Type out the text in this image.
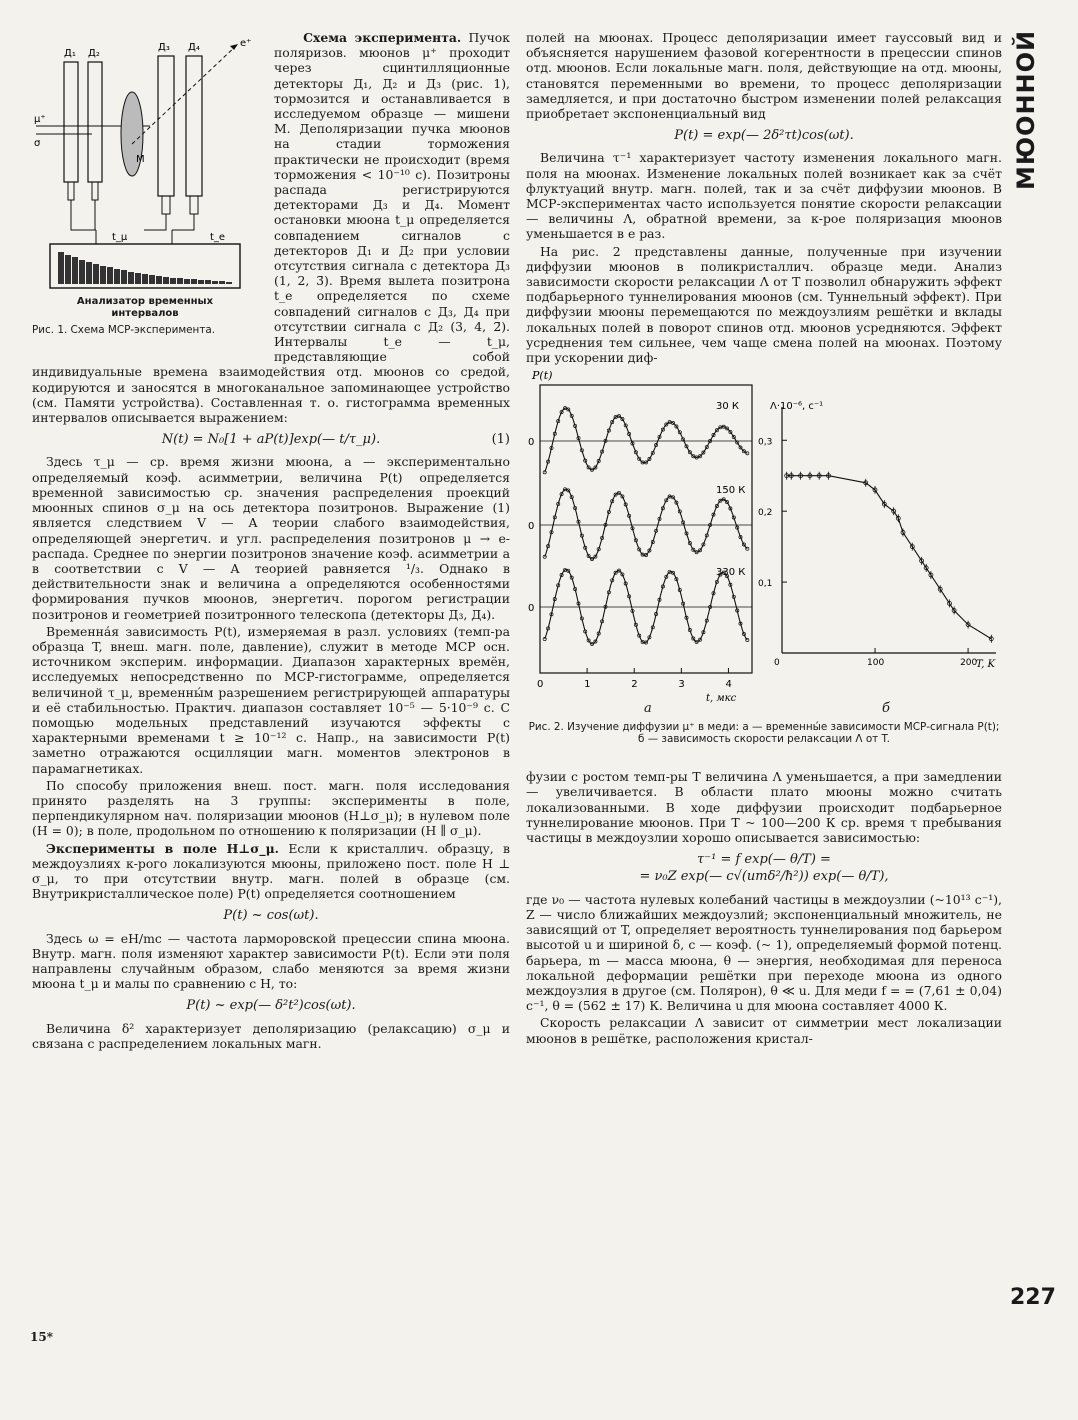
МЮОННОЙ
Д₁ Д₂
Д₃ Д₄	e⁺
μ⁺
σ
М
t_μ	t_e
Анализатор временных интервалов
Рис. 1. Схема МСР-эксперимента.

Схема эксперимента. Пучок поляризов. мюонов μ⁺ проходит через сцинтилляционные детекторы Д₁, Д₂ и Д₃ (рис. 1), тормозится и останавливается в исследуемом образце — мишени М. Деполяризации пучка мюонов на стадии торможения практически не происходит (время торможения < 10⁻¹⁰ с). Позитроны распада регистрируются детекторами Д₃ и Д₄. Момент остановки мюона t_μ определяется совпадением сигналов с детекторов Д₁ и Д₂ при условии отсутствия сигнала с детектора Д₃ (1, 2, 3̄). Время вылета позитрона t_e определяется по схеме совпадений сигналов с Д₃, Д₄ при отсутствии сигнала с Д₂ (3, 4, 2̄). Интервалы t_e — t_μ, представляющие собой индивидуальные времена взаимодействия отд. мюонов со средой, кодируются и заносятся в многоканальное запоминающее устройство (см. Памяти устройства). Составленная т. о. гистограмма временных интервалов описывается выражением:

N(t) = N₀[1 + aP(t)]exp(— t/τ_μ).	(1)

Здесь τ_μ — ср. время жизни мюона, a — экспериментально определяемый коэф. асимметрии, величина P(t) определяется временной зависимостью ср. значения распределения проекций мюонных спинов σ_μ на ось детектора позитронов. Выражение (1) является следствием V — A теории слабого взаимодействия, определяющей энергетич. и угл. распределения позитронов μ → e-распада. Среднее по энергии позитронов значение коэф. асимметрии a в соответствии с V — A теорией равняется ¹/₃. Однако в действительности знак и величина a определяются особенностями формирования пучков мюонов, энергетич. порогом регистрации позитронов и геометрией позитронного телескопа (детекторы Д₃, Д₄).

Временна́я зависимость P(t), измеряемая в разл. условиях (темп-ра образца T, внеш. магн. поле, давление), служит в методе МСР осн. источником эксперим. информации. Диапазон характерных времён, исследуемых непосредственно по МСР-гистограмме, определяется величиной τ_μ, временны́м разрешением регистрирующей аппаратуры и её стабильностью. Практич. диапазон составляет 10⁻⁵ — 5·10⁻⁹ с. С помощью модельных представлений изучаются эффекты с характерными временами t ≥ 10⁻¹² с. Напр., на зависимости P(t) заметно отражаются осцилляции магн. моментов электронов в парамагнетиках.

По способу приложения внеш. пост. магн. поля исследования принято разделять на 3 группы: эксперименты в поле, перпендикулярном нач. поляризации мюонов (H⊥σ_μ); в нулевом поле (H = 0); в поле, продольном по отношению к поляризации (H ∥ σ_μ).

Эксперименты в поле H⊥σ_μ. Если к кристаллич. образцу, в междоузлиях к-рого локализуются мюоны, приложено пост. поле H ⊥ σ_μ, то при отсутствии внутр. магн. полей в образце (см. Внутрикристаллическое поле) P(t) определяется соотношением

P(t) ~ cos(ωt).

Здесь ω = eH/mc — частота ларморовской прецессии спина мюона. Внутр. магн. поля изменяют характер зависимости P(t). Если эти поля направлены случайным образом, слабо меняются за время жизни мюона t_μ и малы по сравнению с H, то:

P(t) ~ exp(— δ²t²)cos(ωt).

Величина δ² характеризует деполяризацию (релаксацию) σ_μ и связана с распределением локальных магн.

полей на мюонах. Процесс деполяризации имеет гауссовый вид и объясняется нарушением фазовой когерентности в прецессии спинов отд. мюонов. Если локальные магн. поля, действующие на отд. мюоны, становятся переменными во времени, то процесс деполяризации замедляется, и при достаточно быстром изменении полей релаксация приобретает экспоненциальный вид

P(t) = exp(— 2δ²τt)cos(ωt).

Величина τ⁻¹ характеризует частоту изменения локального магн. поля на мюонах. Изменение локальных полей возникает как за счёт флуктуаций внутр. магн. полей, так и за счёт диффузии мюонов. В МСР-экспериментах часто используется понятие скорости релаксации — величины Λ, обратной времени, за к-рое поляризация мюонов уменьшается в e раз.

На рис. 2 представлены данные, полученные при изучении диффузии мюонов в поликристаллич. образце меди. Анализ зависимости скорости релаксации Λ от T позволил обнаружить эффект подбарьерного туннелирования мюонов (см. Туннельный эффект). При диффузии мюоны перемещаются по междоузлиям решётки и вклады локальных полей в поворот спинов отд. мюонов усредняются. Эффект усреднения тем сильнее, чем чаще смена полей на мюонах. Поэтому при ускорении диф-

P(t)
0
30 К
0
150 К
0
330 К
0	1	2	3	4
t, мкс
Λ·10⁻⁶, с⁻¹
0,1
0,2
0,3
0	100	200
T, K
а	б
Рис. 2. Изучение диффузии μ⁺ в меди: а — временны́е зависимости МСР-сигнала P(t); б — зависимость скорости релаксации Λ от T.

фузии с ростом темп-ры T величина Λ уменьшается, а при замедлении — увеличивается. В области плато мюоны можно считать локализованными. В ходе диффузии происходит подбарьерное туннелирование мюонов. При T ~ 100—200 К ср. время τ пребывания частицы в междоузлии хорошо описывается зависимостью:

τ⁻¹ = f exp(— θ/T) =
= ν₀Z exp(— c√(umδ²/ħ²)) exp(— θ/T),

где ν₀ — частота нулевых колебаний частицы в междоузлии (~10¹³ с⁻¹), Z — число ближайших междоузлий; экспоненциальный множитель, не зависящий от T, определяет вероятность туннелирования под барьером высотой u и шириной δ, c — коэф. (~ 1), определяемый формой потенц. барьера, m — масса мюона, θ — энергия, необходимая для переноса локальной деформации решётки при переходе мюона из одного междоузлия в другое (см. Полярон), θ ≪ u. Для меди f = = (7,61 ± 0,04) с⁻¹, θ = (562 ± 17) К. Величина u для мюона составляет 4000 К.

Скорость релаксации Λ зависит от симметрии мест локализации мюонов в решётке, расположения кристал-

227
15*
